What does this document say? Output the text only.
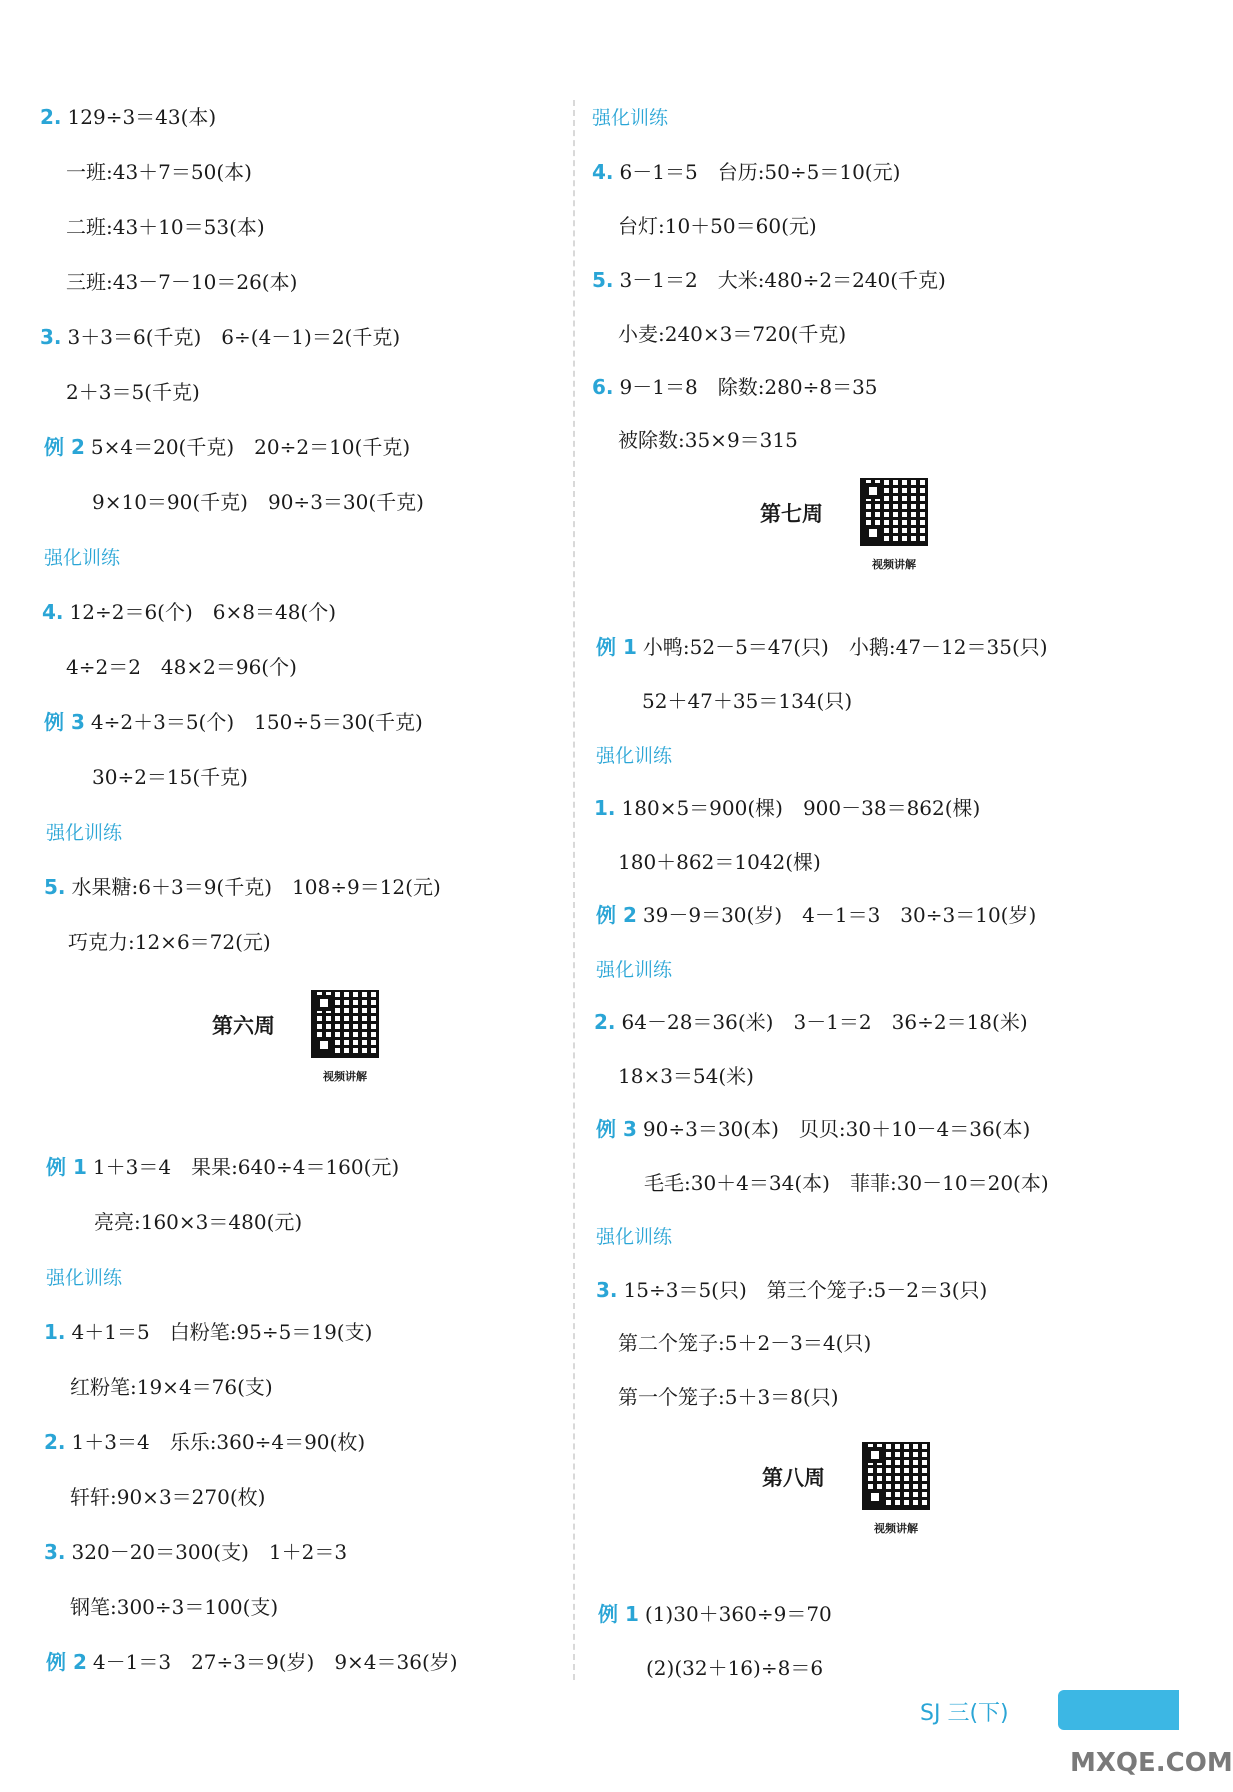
2. 129÷3＝43(本)
一班:43＋7＝50(本)
二班:43＋10＝53(本)
三班:43－7－10＝26(本)
3. 3＋3＝6(千克)　6÷(4－1)＝2(千克)
2＋3＝5(千克)
例 2 5×4＝20(千克)　20÷2＝10(千克)
9×10＝90(千克)　90÷3＝30(千克)
强化训练
4. 12÷2＝6(个)　6×8＝48(个)
4÷2＝2　48×2＝96(个)
例 3 4÷2＋3＝5(个)　150÷5＝30(千克)
30÷2＝15(千克)
强化训练
5. 水果糖:6＋3＝9(千克)　108÷9＝12(元)
巧克力:12×6＝72(元)
例 1 1＋3＝4　果果:640÷4＝160(元)
亮亮:160×3＝480(元)
强化训练
1. 4＋1＝5　白粉笔:95÷5＝19(支)
红粉笔:19×4＝76(支)
2. 1＋3＝4　乐乐:360÷4＝90(枚)
轩轩:90×3＝270(枚)
3. 320－20＝300(支)　1＋2＝3
钢笔:300÷3＝100(支)
例 2 4－1＝3　27÷3＝9(岁)　9×4＝36(岁)
强化训练
4. 6－1＝5　台历:50÷5＝10(元)
台灯:10＋50＝60(元)
5. 3－1＝2　大米:480÷2＝240(千克)
小麦:240×3＝720(千克)
6. 9－1＝8　除数:280÷8＝35
被除数:35×9＝315
例 1 小鸭:52－5＝47(只)　小鹅:47－12＝35(只)
52＋47＋35＝134(只)
强化训练
1. 180×5＝900(棵)　900－38＝862(棵)
180＋862＝1042(棵)
例 2 39－9＝30(岁)　4－1＝3　30÷3＝10(岁)
强化训练
2. 64－28＝36(米)　3－1＝2　36÷2＝18(米)
18×3＝54(米)
例 3 90÷3＝30(本)　贝贝:30＋10－4＝36(本)
毛毛:30＋4＝34(本)　菲菲:30－10＝20(本)
强化训练
3. 15÷3＝5(只)　第三个笼子:5－2＝3(只)
第二个笼子:5＋2－3＝4(只)
第一个笼子:5＋3＝8(只)
例 1 (1)30＋360÷9＝70
(2)(32＋16)÷8＝6
第六周
视频讲解
第七周
视频讲解
第八周
视频讲解
SJ 三(下)
MXQE.COM
